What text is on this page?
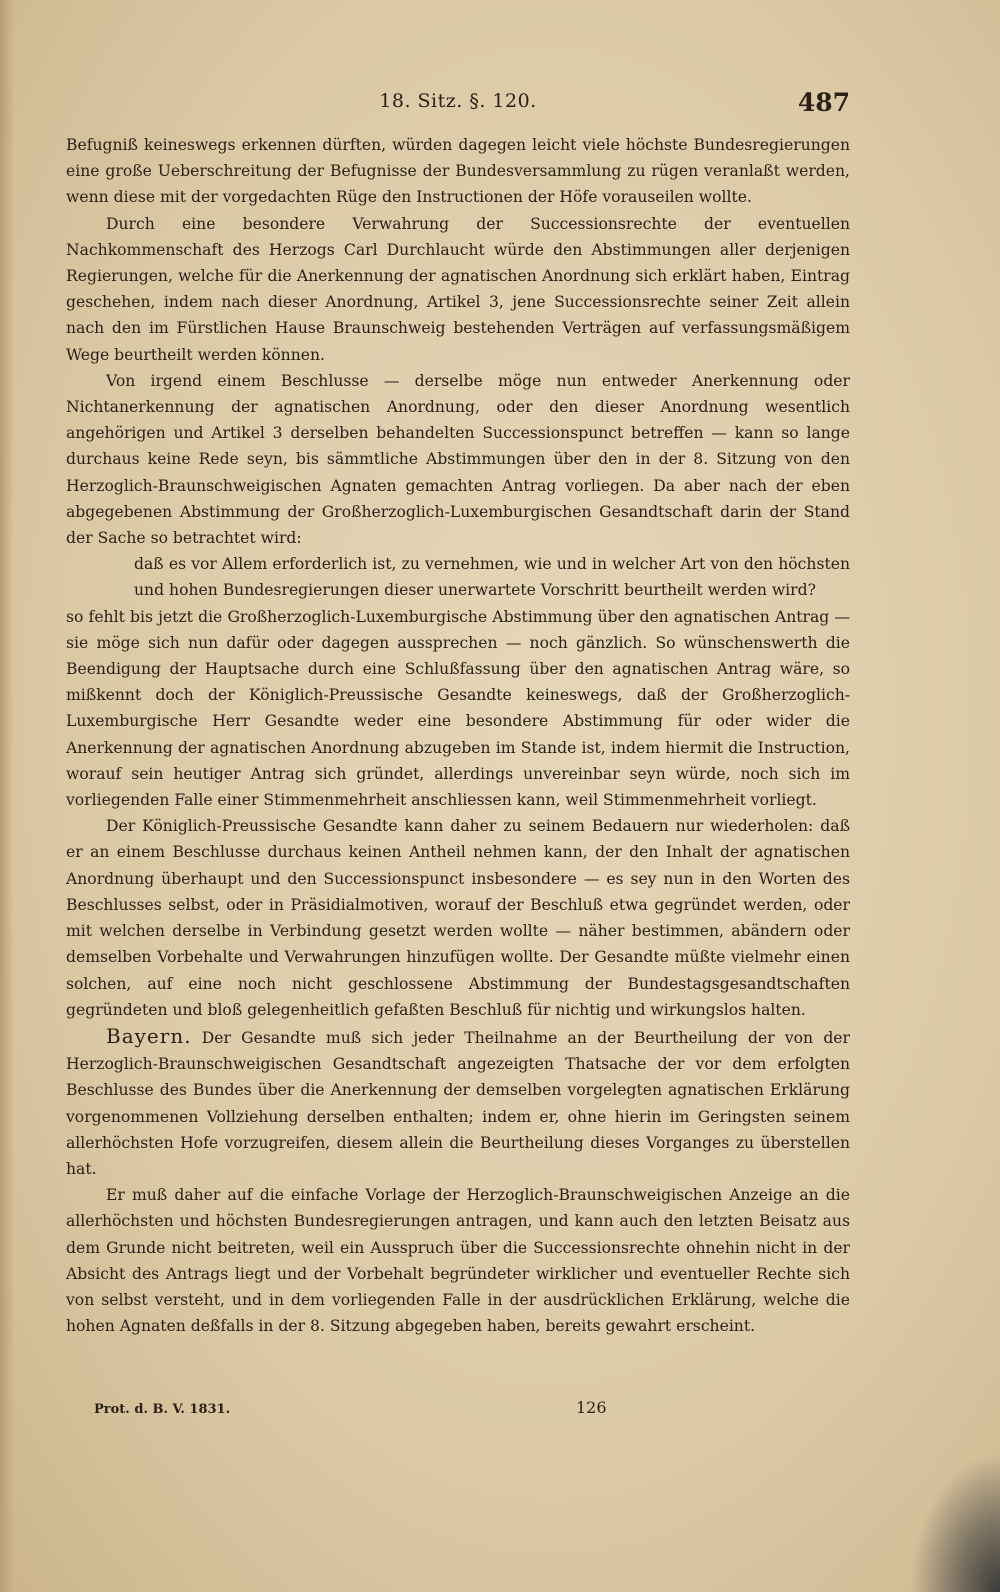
18. Sitz. §. 120.	487

Befugniß keineswegs erkennen dürften, würden dagegen leicht viele höchste Bundesregierungen eine große Ueberschreitung der Befugnisse der Bundesversammlung zu rügen veranlaßt werden, wenn diese mit der vorgedachten Rüge den Instructionen der Höfe vorauseilen wollte.

Durch eine besondere Verwahrung der Successionsrechte der eventuellen Nachkommenschaft des Herzogs Carl Durchlaucht würde den Abstimmungen aller derjenigen Regierungen, welche für die Anerkennung der agnatischen Anordnung sich erklärt haben, Eintrag geschehen, indem nach dieser Anordnung, Artikel 3, jene Successionsrechte seiner Zeit allein nach den im Fürstlichen Hause Braunschweig bestehenden Verträgen auf verfassungsmäßigem Wege beurtheilt werden können.

Von irgend einem Beschlusse — derselbe möge nun entweder Anerkennung oder Nichtanerkennung der agnatischen Anordnung, oder den dieser Anordnung wesentlich angehörigen und Artikel 3 derselben behandelten Successionspunct betreffen — kann so lange durchaus keine Rede seyn, bis sämmtliche Abstimmungen über den in der 8. Sitzung von den Herzoglich-Braunschweigischen Agnaten gemachten Antrag vorliegen. Da aber nach der eben abgegebenen Abstimmung der Großherzoglich-Luxemburgischen Gesandtschaft darin der Stand der Sache so betrachtet wird:

daß es vor Allem erforderlich ist, zu vernehmen, wie und in welcher Art von den höchsten und hohen Bundesregierungen dieser unerwartete Vorschritt beurtheilt werden wird?

so fehlt bis jetzt die Großherzoglich-Luxemburgische Abstimmung über den agnatischen Antrag — sie möge sich nun dafür oder dagegen aussprechen — noch gänzlich. So wünschenswerth die Beendigung der Hauptsache durch eine Schlußfassung über den agnatischen Antrag wäre, so mißkennt doch der Königlich-Preussische Gesandte keineswegs, daß der Großherzoglich-Luxemburgische Herr Gesandte weder eine besondere Abstimmung für oder wider die Anerkennung der agnatischen Anordnung abzugeben im Stande ist, indem hiermit die Instruction, worauf sein heutiger Antrag sich gründet, allerdings unvereinbar seyn würde, noch sich im vorliegenden Falle einer Stimmenmehrheit anschliessen kann, weil Stimmenmehrheit vorliegt.

Der Königlich-Preussische Gesandte kann daher zu seinem Bedauern nur wiederholen: daß er an einem Beschlusse durchaus keinen Antheil nehmen kann, der den Inhalt der agnatischen Anordnung überhaupt und den Successionspunct insbesondere — es sey nun in den Worten des Beschlusses selbst, oder in Präsidialmotiven, worauf der Beschluß etwa gegründet werden, oder mit welchen derselbe in Verbindung gesetzt werden wollte — näher bestimmen, abändern oder demselben Vorbehalte und Verwahrungen hinzufügen wollte. Der Gesandte müßte vielmehr einen solchen, auf eine noch nicht geschlossene Abstimmung der Bundestagsgesandtschaften gegründeten und bloß gelegenheitlich gefaßten Beschluß für nichtig und wirkungslos halten.

Bayern. Der Gesandte muß sich jeder Theilnahme an der Beurtheilung der von der Herzoglich-Braunschweigischen Gesandtschaft angezeigten Thatsache der vor dem erfolgten Beschlusse des Bundes über die Anerkennung der demselben vorgelegten agnatischen Erklärung vorgenommenen Vollziehung derselben enthalten; indem er, ohne hierin im Geringsten seinem allerhöchsten Hofe vorzugreifen, diesem allein die Beurtheilung dieses Vorganges zu überstellen hat.

Er muß daher auf die einfache Vorlage der Herzoglich-Braunschweigischen Anzeige an die allerhöchsten und höchsten Bundesregierungen antragen, und kann auch den letzten Beisatz aus dem Grunde nicht beitreten, weil ein Ausspruch über die Successionsrechte ohnehin nicht in der Absicht des Antrags liegt und der Vorbehalt begründeter wirklicher und eventueller Rechte sich von selbst versteht, und in dem vorliegenden Falle in der ausdrücklichen Erklärung, welche die hohen Agnaten deßfalls in der 8. Sitzung abgegeben haben, bereits gewahrt erscheint.

Prot. d. B. V. 1831.	126
